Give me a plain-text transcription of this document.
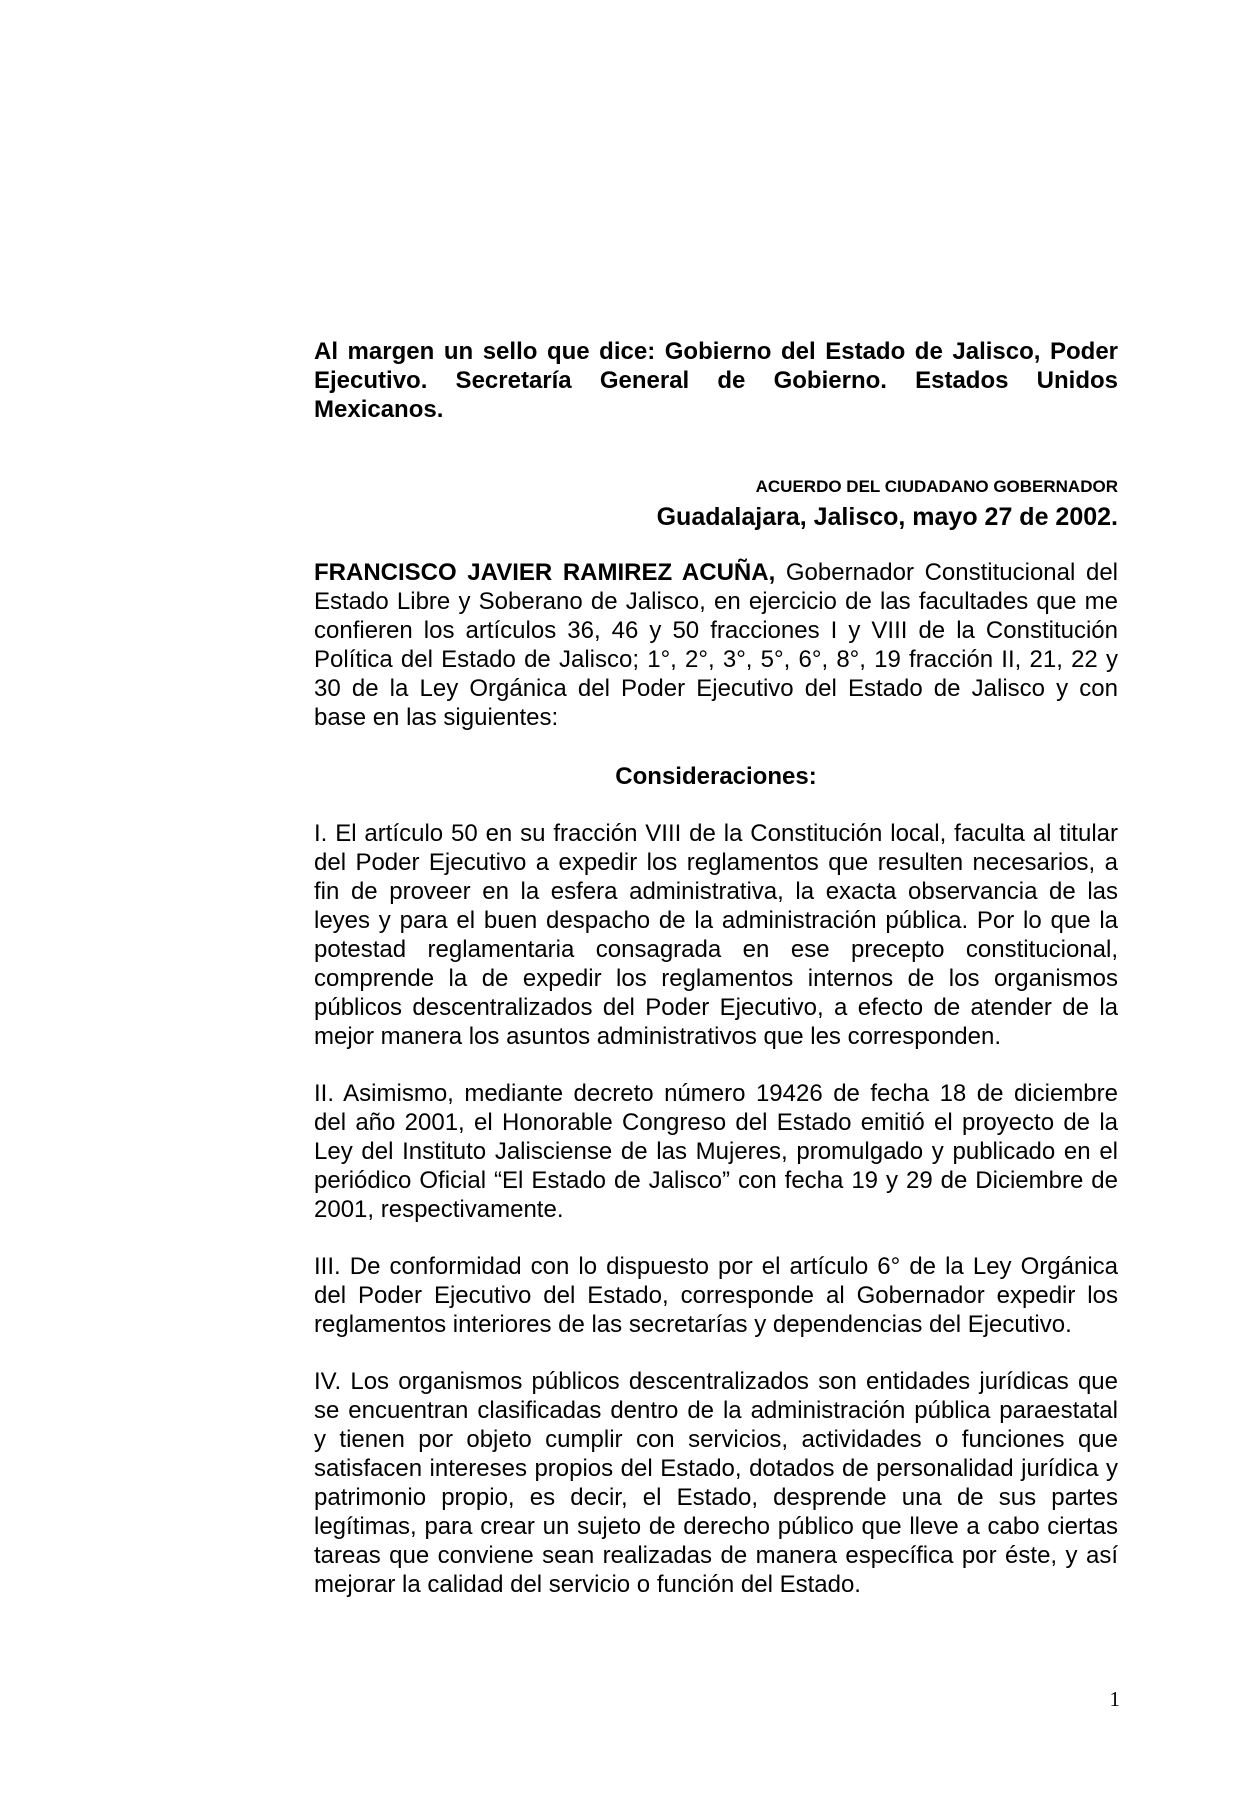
Al margen un sello que dice: Gobierno del Estado de Jalisco, Poder Ejecutivo. Secretaría General de Gobierno. Estados Unidos Mexicanos.

ACUERDO DEL CIUDADANO GOBERNADOR

Guadalajara, Jalisco, mayo 27 de 2002.

FRANCISCO JAVIER RAMIREZ ACUÑA, Gobernador Constitucional del Estado Libre y Soberano de Jalisco, en ejercicio de las facultades que me confieren los artículos 36, 46 y 50 fracciones I y VIII de la Constitución Política del Estado de Jalisco; 1°, 2°, 3°, 5°, 6°, 8°, 19 fracción II, 21, 22 y 30 de la Ley Orgánica del Poder Ejecutivo del Estado de Jalisco y con base en las siguientes:

Consideraciones:

I. El artículo 50 en su fracción VIII de la Constitución local, faculta al titular del Poder Ejecutivo a expedir los reglamentos que resulten necesarios, a fin de proveer en la esfera administrativa, la exacta observancia de las leyes y para el buen despacho de la administración pública. Por lo que la potestad reglamentaria consagrada en ese precepto constitucional, comprende la de expedir los reglamentos internos de los organismos públicos descentralizados del Poder Ejecutivo, a efecto de atender de la mejor manera los asuntos administrativos que les corresponden.

II. Asimismo, mediante decreto número 19426 de fecha 18 de diciembre del año 2001, el Honorable Congreso del Estado emitió el proyecto de la Ley del Instituto Jalisciense de las Mujeres, promulgado y publicado en el periódico Oficial “El Estado de Jalisco” con fecha 19 y 29 de Diciembre de 2001, respectivamente.

III. De conformidad con lo dispuesto por el artículo 6° de la Ley Orgánica del Poder Ejecutivo del Estado, corresponde al Gobernador expedir los reglamentos interiores de las secretarías y dependencias del Ejecutivo.

IV. Los organismos públicos descentralizados son entidades jurídicas que se encuentran clasificadas dentro de la administración pública paraestatal y tienen por objeto cumplir con servicios, actividades o funciones que satisfacen intereses propios del Estado, dotados de personalidad jurídica y patrimonio propio, es decir, el Estado, desprende una de sus partes legítimas, para crear un sujeto de derecho público que lleve a cabo ciertas tareas que conviene sean realizadas de manera específica por éste, y así mejorar la calidad del servicio o función del Estado.

1
